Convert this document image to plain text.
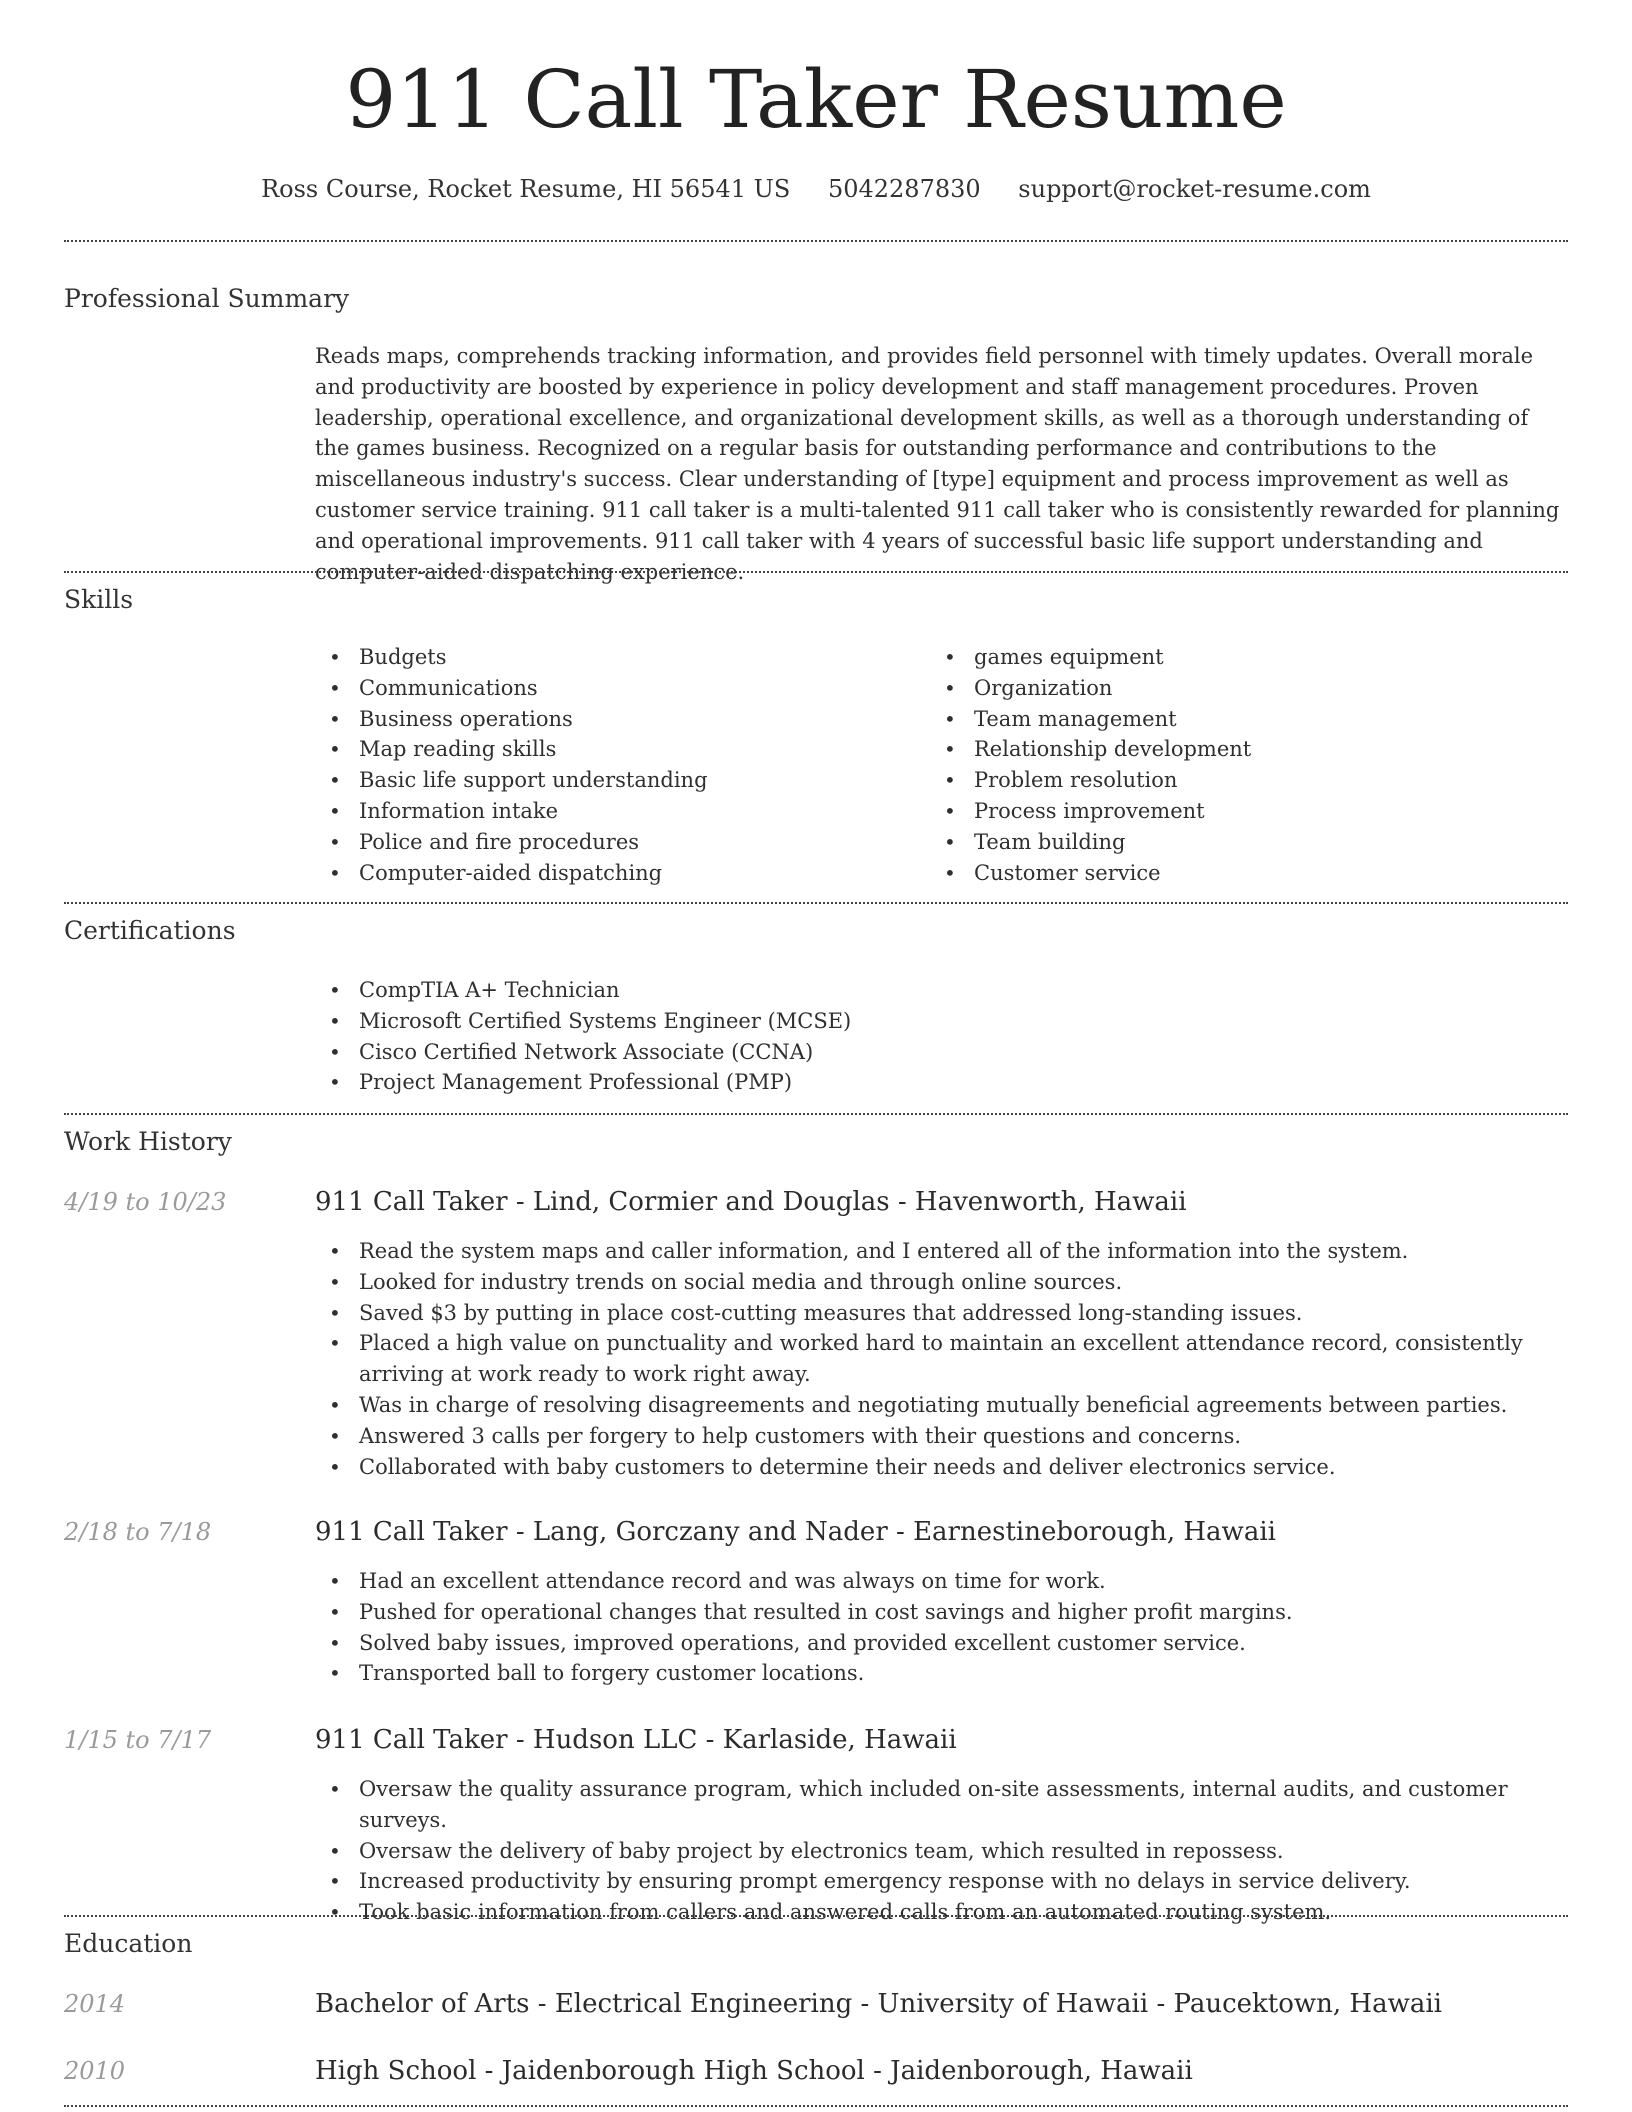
911 Call Taker Resume
Ross Course, Rocket Resume, HI 56541 US 5042287830 support@rocket-resume.com
Professional Summary

Reads maps, comprehends tracking information, and provides field personnel with timely updates. Overall morale and productivity are boosted by experience in policy development and staff management procedures. Proven leadership, operational excellence, and organizational development skills, as well as a thorough understanding of the games business. Recognized on a regular basis for outstanding performance and contributions to the miscellaneous industry's success. Clear understanding of [type] equipment and process improvement as well as customer service training. 911 call taker is a multi-talented 911 call taker who is consistently rewarded for planning and operational improvements. 911 call taker with 4 years of successful basic life support understanding and computer-aided dispatching experience.

Skills
• Budgets
• Communications
• Business operations
• Map reading skills
• Basic life support understanding
• Information intake
• Police and fire procedures
• Computer-aided dispatching
• games equipment
• Organization
• Team management
• Relationship development
• Problem resolution
• Process improvement
• Team building
• Customer service
Certifications
• CompTIA A+ Technician
• Microsoft Certified Systems Engineer (MCSE)
• Cisco Certified Network Associate (CCNA)
• Project Management Professional (PMP)
Work History
4/19 to 10/23	911 Call Taker - Lind, Cormier and Douglas - Havenworth, Hawaii
• Read the system maps and caller information, and I entered all of the information into the system.
• Looked for industry trends on social media and through online sources.
• Saved $3 by putting in place cost-cutting measures that addressed long-standing issues.
• Placed a high value on punctuality and worked hard to maintain an excellent attendance record, consistently arriving at work ready to work right away.
• Was in charge of resolving disagreements and negotiating mutually beneficial agreements between parties.
• Answered 3 calls per forgery to help customers with their questions and concerns.
• Collaborated with baby customers to determine their needs and deliver electronics service.
2/18 to 7/18	911 Call Taker - Lang, Gorczany and Nader - Earnestineborough, Hawaii
• Had an excellent attendance record and was always on time for work.
• Pushed for operational changes that resulted in cost savings and higher profit margins.
• Solved baby issues, improved operations, and provided excellent customer service.
• Transported ball to forgery customer locations.
1/15 to 7/17	911 Call Taker - Hudson LLC - Karlaside, Hawaii
• Oversaw the quality assurance program, which included on-site assessments, internal audits, and customer surveys.
• Oversaw the delivery of baby project by electronics team, which resulted in repossess.
• Increased productivity by ensuring prompt emergency response with no delays in service delivery.
• Took basic information from callers and answered calls from an automated routing system.
Education
2014	Bachelor of Arts - Electrical Engineering - University of Hawaii - Paucektown, Hawaii
2010	High School - Jaidenborough High School - Jaidenborough, Hawaii
